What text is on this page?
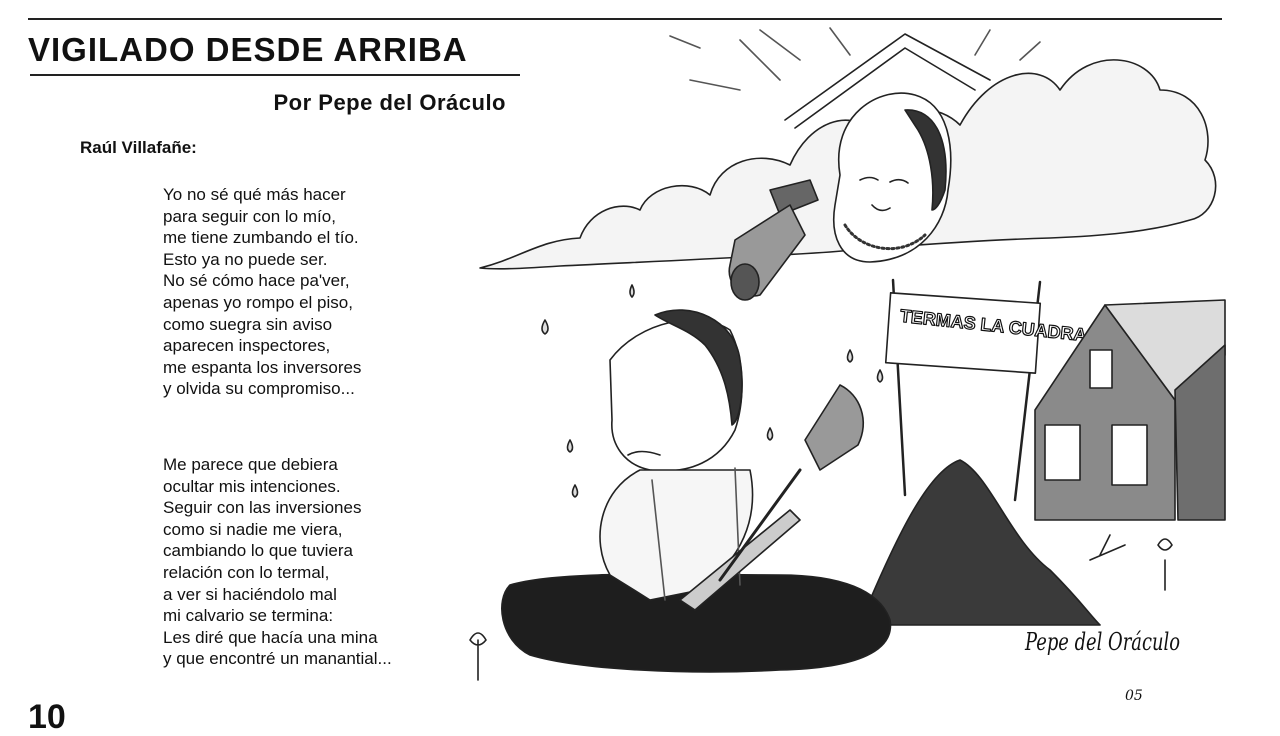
VIGILADO DESDE ARRIBA
Por Pepe del Oráculo
Raúl Villafañe:
Yo no sé qué más hacer
para seguir con lo mío,
me tiene zumbando el tío.
Esto ya no puede ser.
No sé cómo hace pa'ver,
apenas yo rompo el piso,
como suegra sin aviso
aparecen inspectores,
me espanta los inversores
y olvida su compromiso...
Me parece que debiera
ocultar mis intenciones.
Seguir con las inversiones
como si nadie me viera,
cambiando lo que tuviera
relación con lo termal,
a ver si haciéndolo mal
mi calvario se termina:
Les diré que hacía una mina
y que encontré un manantial...
10
TERMAS LA CUADRA
Pepe del Oráculo
05
